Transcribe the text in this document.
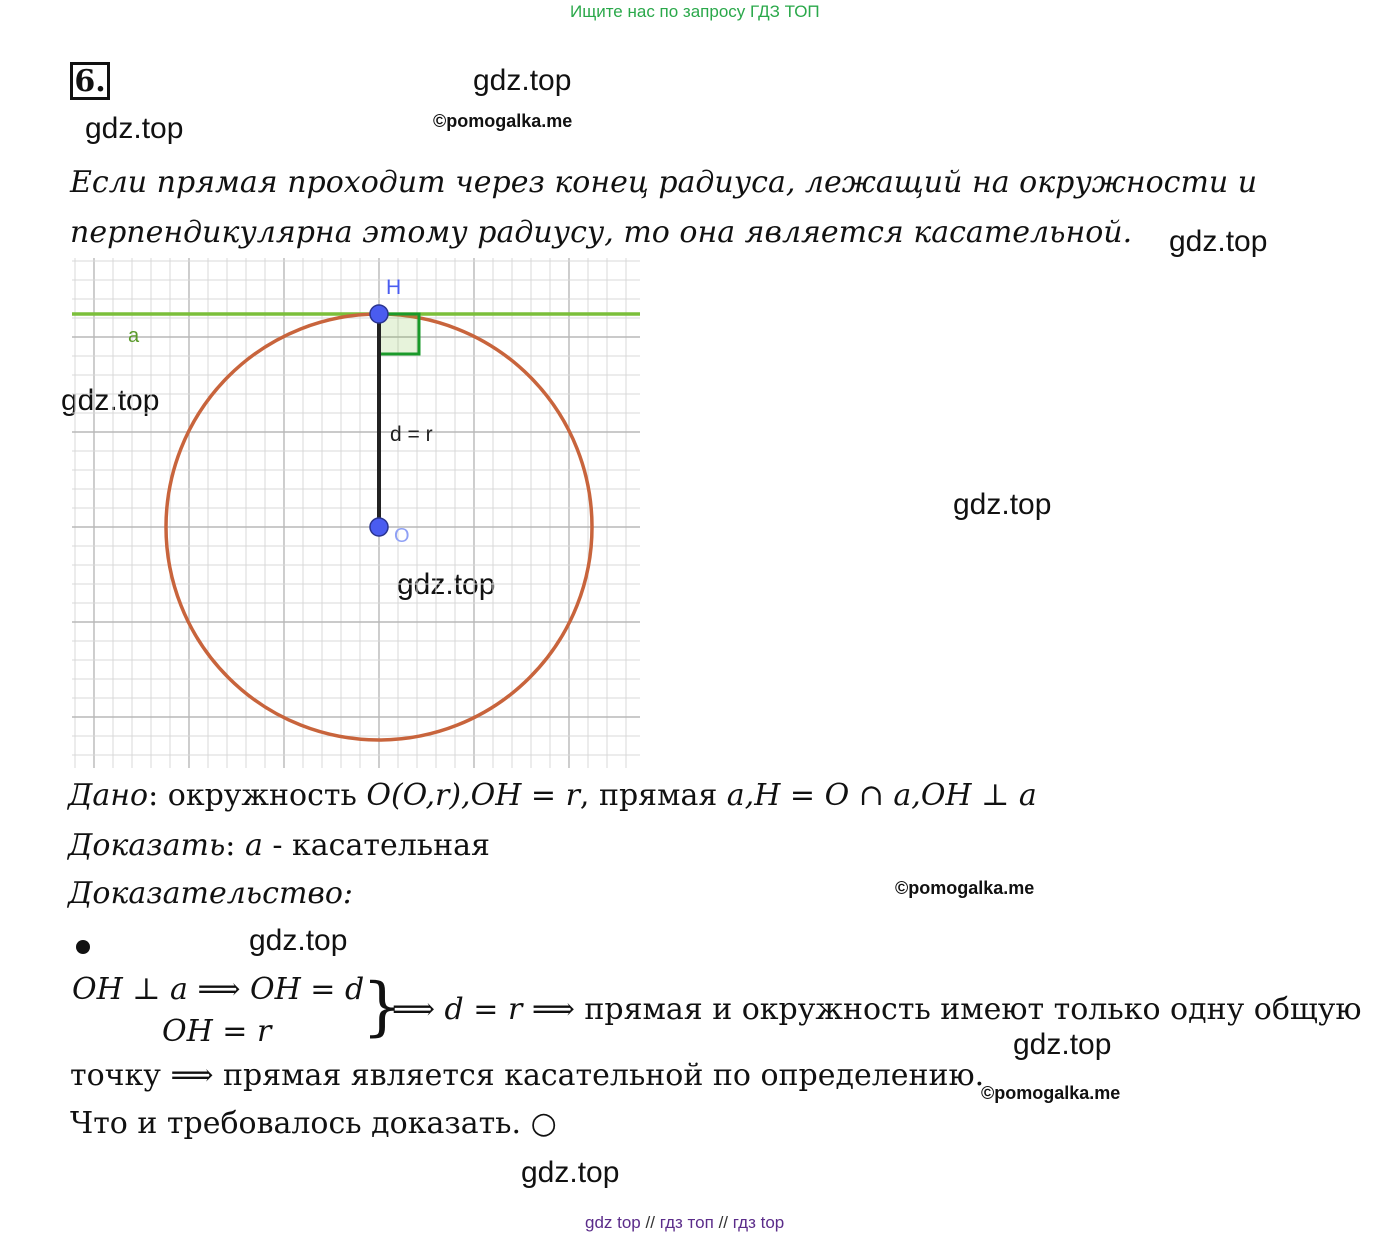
Ищите нас по запросу ГДЗ ТОП
6.	gdz.top
gdz.top
gdz.top
gdz.top
gdz.top
gdz.top
gdz.top
gdz.top
gdz.top
©pomogalka.me
©pomogalka.me
©pomogalka.me
Если прямая проходит через конец радиуса, лежащий на окружности и
перпендикулярна этому радиусу, то она является касательной.
H
O
a
d = r
Дано: окружность O(O,r),OH = r, прямая a,H = O ∩ a,OH ⊥ a
Доказать: a - касательная
Доказательство:
OH ⊥ a ⟹ OH = d
OH = r }
⟹ d = r ⟹ прямая и окружность имеют только одну общую
точку ⟹ прямая является касательной по определению.
Что и требовалось доказать. ○
gdz top // гдз топ // гдз top
